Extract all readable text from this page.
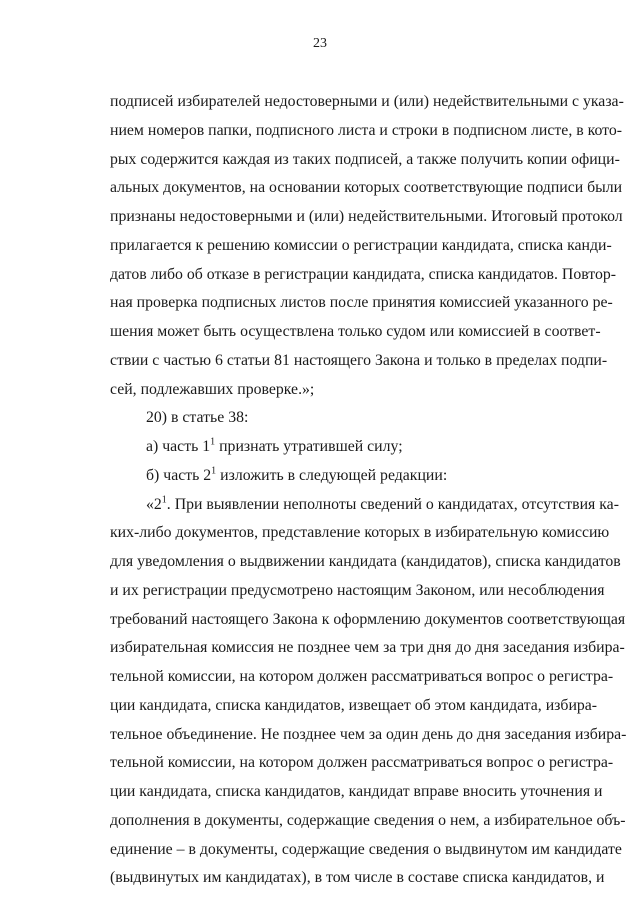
23
подписей избирателей недостоверными и (или) недействительными с указа-
нием номеров папки, подписного листа и строки в подписном листе, в кото-
рых содержится каждая из таких подписей, а также получить копии офици-
альных документов, на основании которых соответствующие подписи были
признаны недостоверными и (или) недействительными. Итоговый протокол
прилагается к решению комиссии о регистрации кандидата, списка канди-
датов либо об отказе в регистрации кандидата, списка кандидатов. Повтор-
ная проверка подписных листов после принятия комиссией указанного ре-
шения может быть осуществлена только судом или комиссией в соответ-
ствии с частью 6 статьи 81 настоящего Закона и только в пределах подпи-
сей, подлежавших проверке.»;
20) в статье 38:
а) часть $1^1$ признать утратившей силу;
б) часть $2^1$ изложить в следующей редакции:
«$2^1$. При выявлении неполноты сведений о кандидатах, отсутствия ка-
ких-либо документов, представление которых в избирательную комиссию
для уведомления о выдвижении кандидата (кандидатов), списка кандидатов
и их регистрации предусмотрено настоящим Законом, или несоблюдения
требований настоящего Закона к оформлению документов соответствующая
избирательная комиссия не позднее чем за три дня до дня заседания избира-
тельной комиссии, на котором должен рассматриваться вопрос о регистра-
ции кандидата, списка кандидатов, извещает об этом кандидата, избира-
тельное объединение. Не позднее чем за один день до дня заседания избира-
тельной комиссии, на котором должен рассматриваться вопрос о регистра-
ции кандидата, списка кандидатов, кандидат вправе вносить уточнения и
дополнения в документы, содержащие сведения о нем, а избирательное объ-
единение – в документы, содержащие сведения о выдвинутом им кандидате
(выдвинутых им кандидатах), в том числе в составе списка кандидатов, и
